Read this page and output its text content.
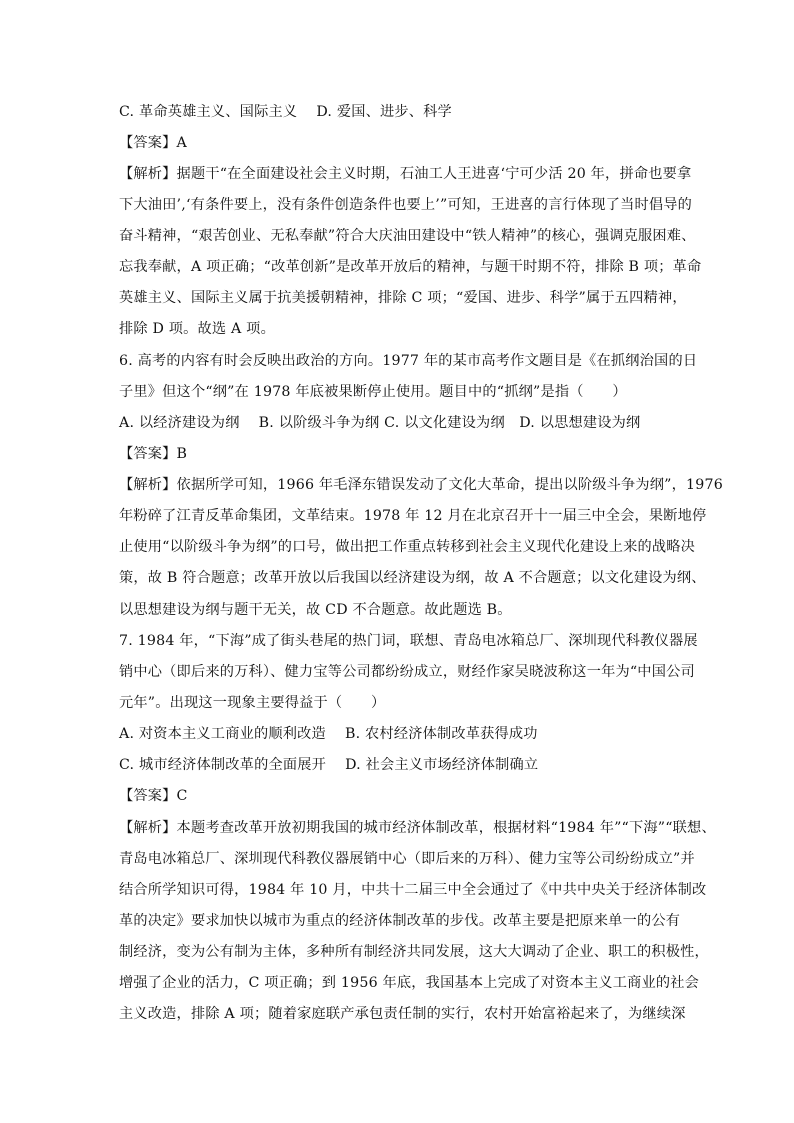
C. 革命英雄主义、国际主义　 D. 爱国、进步、科学
【答案】A
【解析】据题干“在全面建设社会主义时期，石油工人王进喜‘宁可少活 20 年，拼命也要拿
下大油田’,‘有条件要上，没有条件创造条件也要上’”可知，王进喜的言行体现了当时倡导的
奋斗精神，“艰苦创业、无私奉献”符合大庆油田建设中“铁人精神”的核心，强调克服困难、
忘我奉献，A 项正确；“改革创新”是改革开放后的精神，与题干时期不符，排除 B 项；革命
英雄主义、国际主义属于抗美援朝精神，排除 C 项；“爱国、进步、科学”属于五四精神，
排除 D 项。故选 A 项。
6. 高考的内容有时会反映出政治的方向。1977 年的某市高考作文题目是《在抓纲治国的日
子里》但这个“纲”在 1978 年底被果断停止使用。题目中的“抓纲”是指（　　）
A. 以经济建设为纲　 B. 以阶级斗争为纲 C. 以文化建设为纲　D. 以思想建设为纲
【答案】B
【解析】依据所学可知，1966 年毛泽东错误发动了文化大革命，提出以阶级斗争为纲”，1976
年粉碎了江青反革命集团，文革结束。1978 年 12 月在北京召开十一届三中全会，果断地停
止使用“以阶级斗争为纲”的口号，做出把工作重点转移到社会主义现代化建设上来的战略决
策，故 B 符合题意；改革开放以后我国以经济建设为纲，故 A 不合题意；以文化建设为纲、
以思想建设为纲与题干无关，故 CD 不合题意。故此题选 B。
7. 1984 年，“下海”成了街头巷尾的热门词，联想、青岛电冰箱总厂、深圳现代科教仪器展
销中心（即后来的万科）、健力宝等公司都纷纷成立，财经作家吴晓波称这一年为“中国公司
元年”。出现这一现象主要得益于（　　）
A. 对资本主义工商业的顺利改造　 B. 农村经济体制改革获得成功
C. 城市经济体制改革的全面展开　 D. 社会主义市场经济体制确立
【答案】C
【解析】本题考查改革开放初期我国的城市经济体制改革，根据材料“1984 年”“下海”“联想、
青岛电冰箱总厂、深圳现代科教仪器展销中心（即后来的万科）、健力宝等公司纷纷成立”并
结合所学知识可得，1984 年 10 月，中共十二届三中全会通过了《中共中央关于经济体制改
革的决定》要求加快以城市为重点的经济体制改革的步伐。改革主要是把原来单一的公有
制经济，变为公有制为主体，多种所有制经济共同发展，这大大调动了企业、职工的积极性，
增强了企业的活力，C 项正确；到 1956 年底，我国基本上完成了对资本主义工商业的社会
主义改造，排除 A 项；随着家庭联产承包责任制的实行，农村开始富裕起来了，为继续深
